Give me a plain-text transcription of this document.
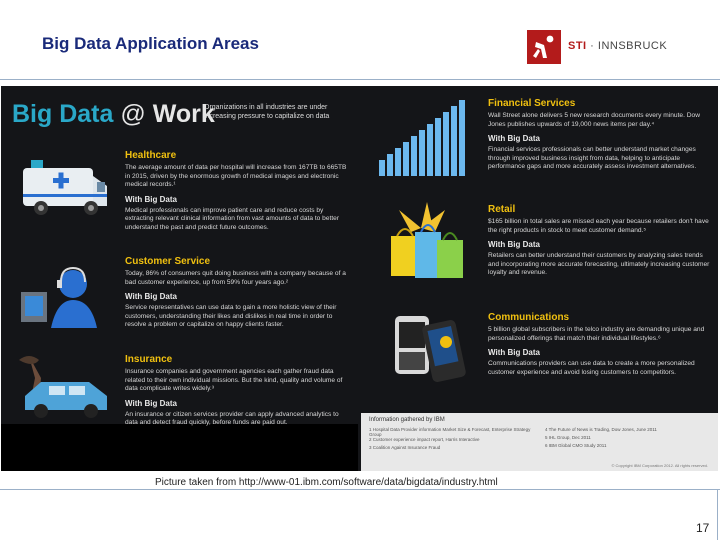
Big Data Application Areas	STI · INNSBRUCK
Big Data @ Work
Organizations in all industries are under increasing pressure to capitalize on data
Healthcare
The average amount of data per hospital will increase from 167TB to 665TB in 2015, driven by the enormous growth of medical images and electronic medical records.¹
With Big Data
Medical professionals can improve patient care and reduce costs by extracting relevant clinical information from vast amounts of data to better understand the past and predict future outcomes.
Customer Service
Today, 86% of consumers quit doing business with a company because of a bad customer experience, up from 59% four years ago.²
With Big Data
Service representatives can use data to gain a more holistic view of their customers, understanding their likes and dislikes in real time in order to resolve a problem or capitalize on happy clients faster.
Insurance
Insurance companies and government agencies each gather fraud data related to their own individual missions. But the kind, quality and volume of data complicate writes widely.³
With Big Data
An insurance or citizen services provider can apply advanced analytics to data and detect fraud quickly, before funds are paid out.
Financial Services
Wall Street alone delivers 5 new research documents every minute. Dow Jones publishes upwards of 19,000 news items per day.⁴
With Big Data
Financial services professionals can better understand market changes through improved business insight from data, helping to anticipate performance gaps and more accurately assess investment alternatives.
Retail
$165 billion in total sales are missed each year because retailers don't have the right products in stock to meet customer demand.⁵
With Big Data
Retailers can better understand their customers by analyzing sales trends and incorporating more accurate forecasting, ultimately increasing customer loyalty and revenue.
Communications
5 billion global subscribers in the telco industry are demanding unique and personalized offerings that match their individual lifestyles.⁶
With Big Data
Communications providers can use data to create a more personalized customer experience and avoid losing customers to competitors.
Information gathered by IBM
1 Hospital Data Provider information Market Size & Forecast, Enterprise Strategy Group
2 Customer experience impact report, Harris Interactive
3 Coalition Against Insurance Fraud
4 The Future of News is Trading, Dow Jones, June 2011
5 IHL Group, Dec 2011
6 IBM Global CMO Study 2011
© Copyright IBM Corporation 2012. All rights reserved.
Picture taken from http://www-01.ibm.com/software/data/bigdata/industry.html
17
